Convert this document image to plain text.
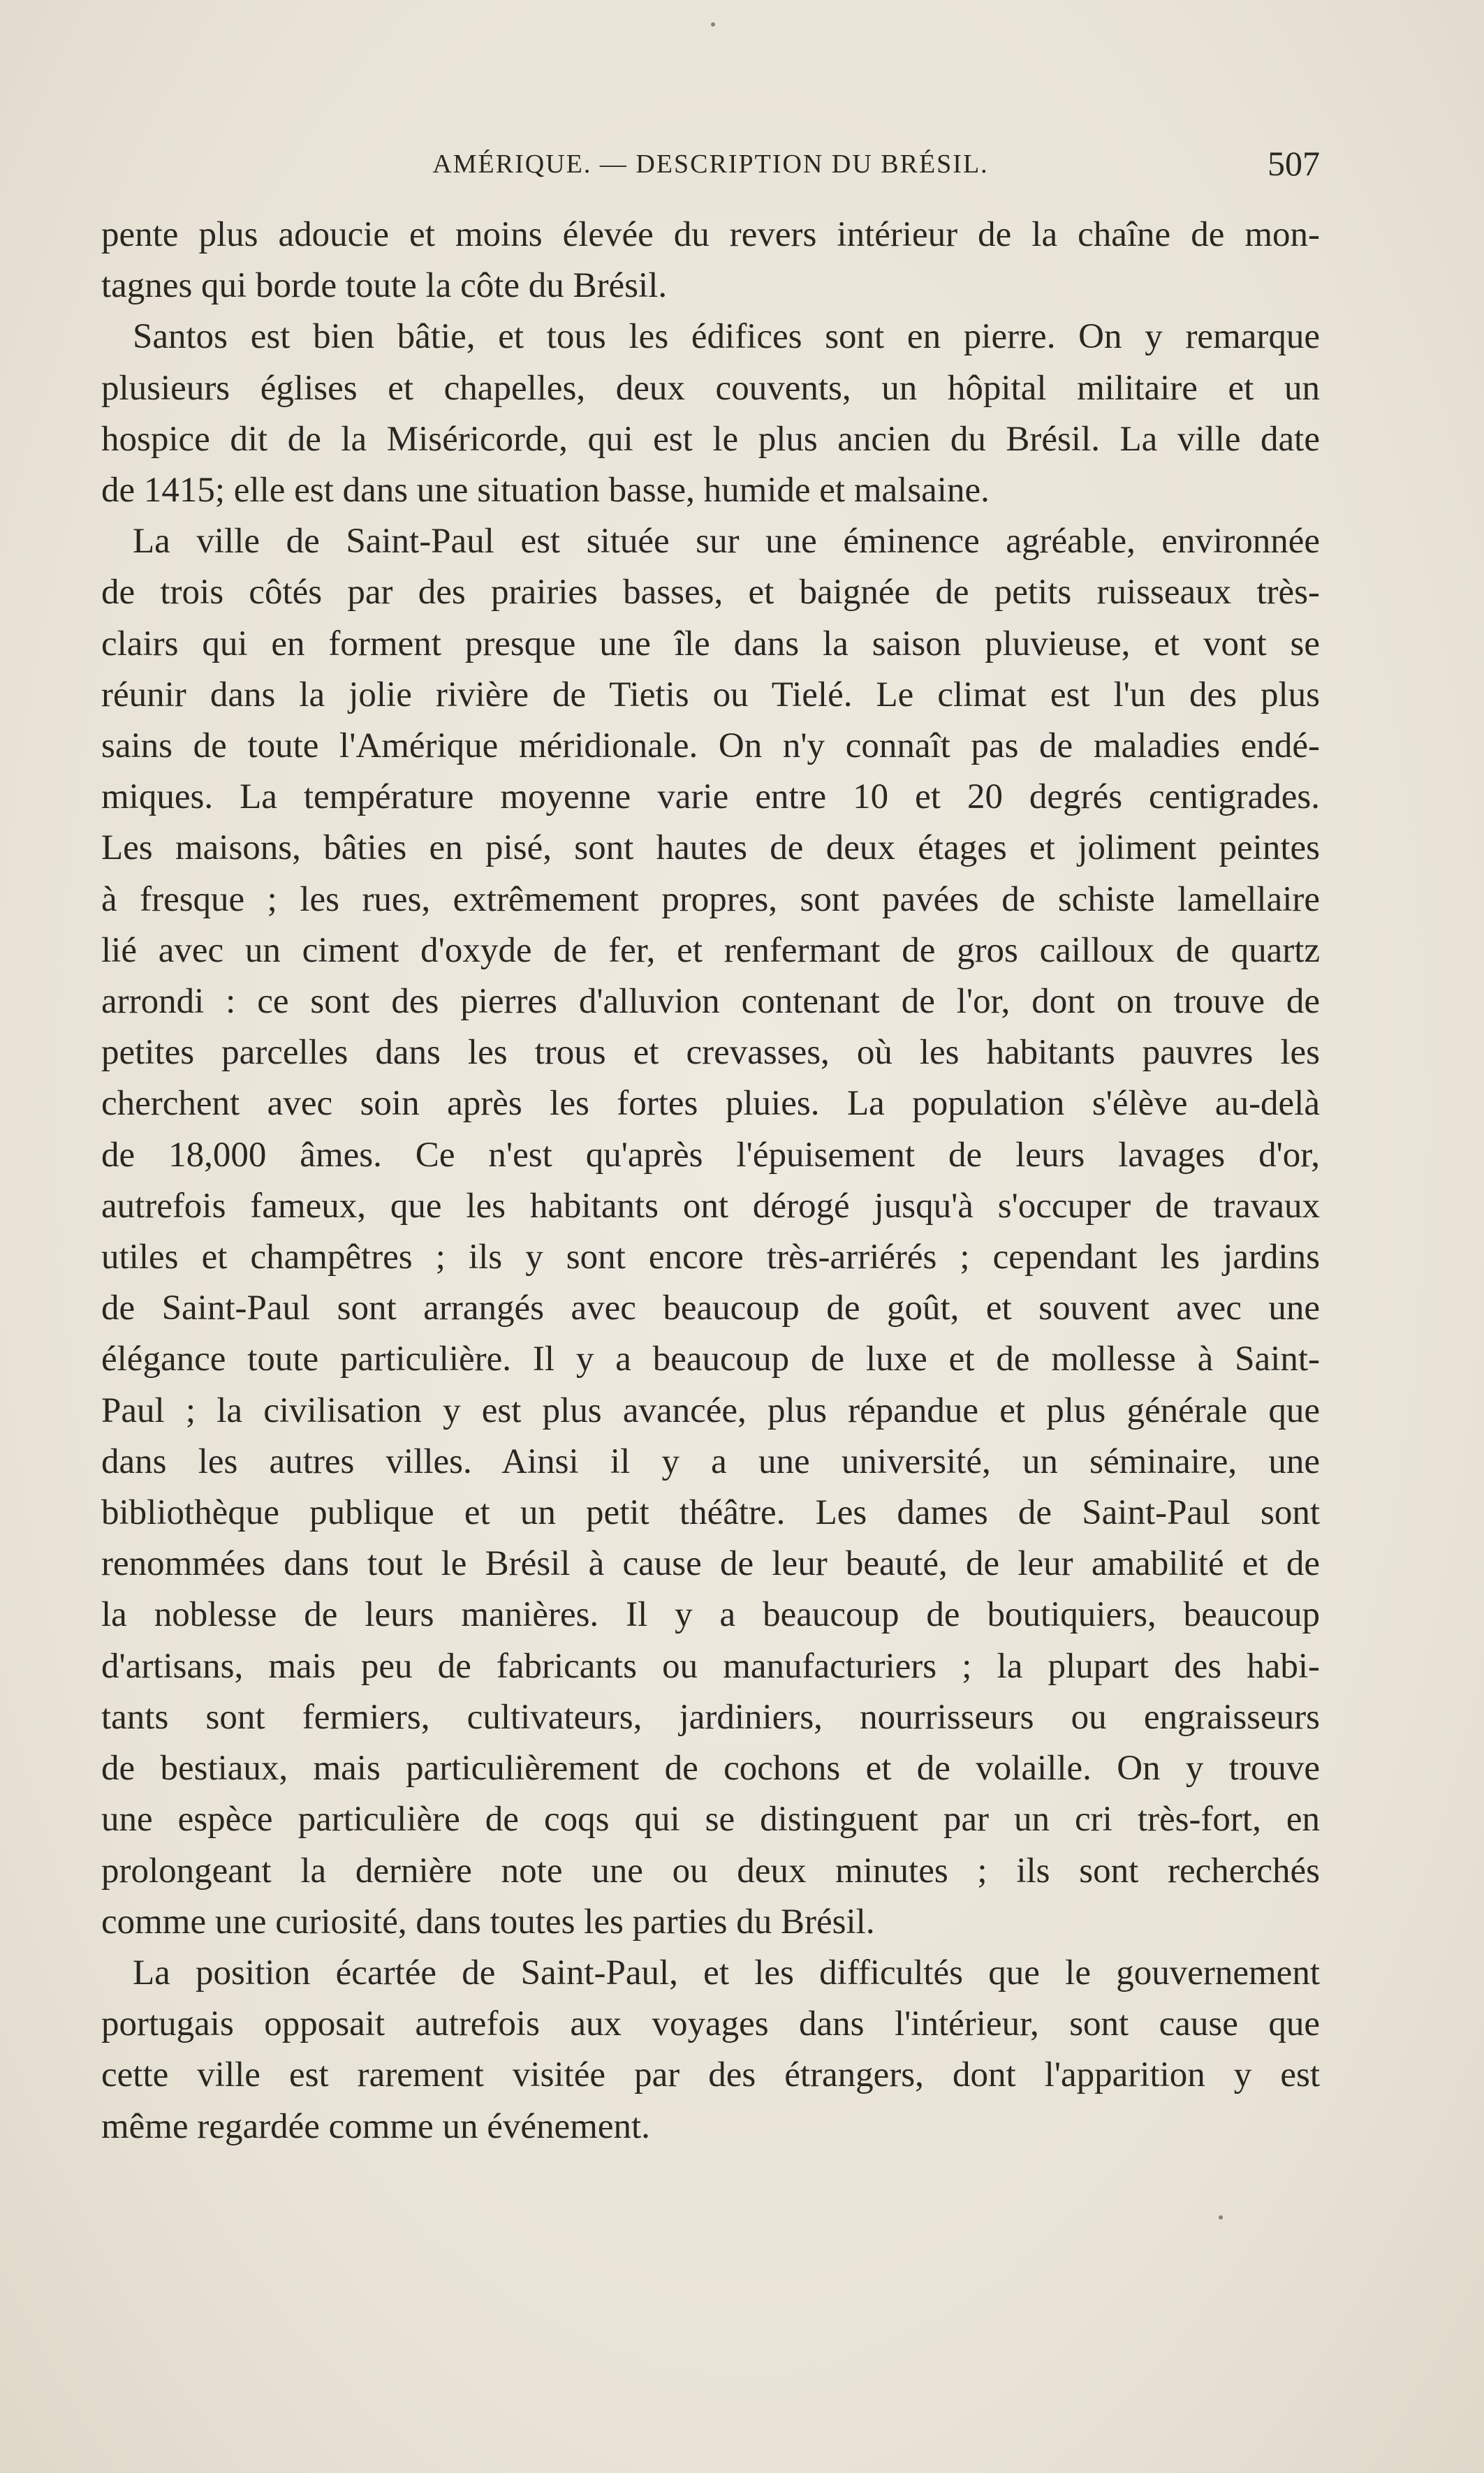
AMÉRIQUE. — DESCRIPTION DU BRÉSIL.	507
pente plus adoucie et moins élevée du revers intérieur de la chaîne de mon-
tagnes qui borde toute la côte du Brésil.
Santos est bien bâtie, et tous les édifices sont en pierre. On y remarque
plusieurs églises et chapelles, deux couvents, un hôpital militaire et un
hospice dit de la Miséricorde, qui est le plus ancien du Brésil. La ville date
de 1415; elle est dans une situation basse, humide et malsaine.
La ville de Saint-Paul est située sur une éminence agréable, environnée
de trois côtés par des prairies basses, et baignée de petits ruisseaux très-
clairs qui en forment presque une île dans la saison pluvieuse, et vont se
réunir dans la jolie rivière de Tietis ou Tielé. Le climat est l'un des plus
sains de toute l'Amérique méridionale. On n'y connaît pas de maladies endé-
miques. La température moyenne varie entre 10 et 20 degrés centigrades.
Les maisons, bâties en pisé, sont hautes de deux étages et joliment peintes
à fresque ; les rues, extrêmement propres, sont pavées de schiste lamellaire
lié avec un ciment d'oxyde de fer, et renfermant de gros cailloux de quartz
arrondi : ce sont des pierres d'alluvion contenant de l'or, dont on trouve de
petites parcelles dans les trous et crevasses, où les habitants pauvres les
cherchent avec soin après les fortes pluies. La population s'élève au-delà
de 18,000 âmes. Ce n'est qu'après l'épuisement de leurs lavages d'or,
autrefois fameux, que les habitants ont dérogé jusqu'à s'occuper de travaux
utiles et champêtres ; ils y sont encore très-arriérés ; cependant les jardins
de Saint-Paul sont arrangés avec beaucoup de goût, et souvent avec une
élégance toute particulière. Il y a beaucoup de luxe et de mollesse à Saint-
Paul ; la civilisation y est plus avancée, plus répandue et plus générale que
dans les autres villes. Ainsi il y a une université, un séminaire, une
bibliothèque publique et un petit théâtre. Les dames de Saint-Paul sont
renommées dans tout le Brésil à cause de leur beauté, de leur amabilité et de
la noblesse de leurs manières. Il y a beaucoup de boutiquiers, beaucoup
d'artisans, mais peu de fabricants ou manufacturiers ; la plupart des habi-
tants sont fermiers, cultivateurs, jardiniers, nourrisseurs ou engraisseurs
de bestiaux, mais particulièrement de cochons et de volaille. On y trouve
une espèce particulière de coqs qui se distinguent par un cri très-fort, en
prolongeant la dernière note une ou deux minutes ; ils sont recherchés
comme une curiosité, dans toutes les parties du Brésil.
La position écartée de Saint-Paul, et les difficultés que le gouvernement
portugais opposait autrefois aux voyages dans l'intérieur, sont cause que
cette ville est rarement visitée par des étrangers, dont l'apparition y est
même regardée comme un événement.
